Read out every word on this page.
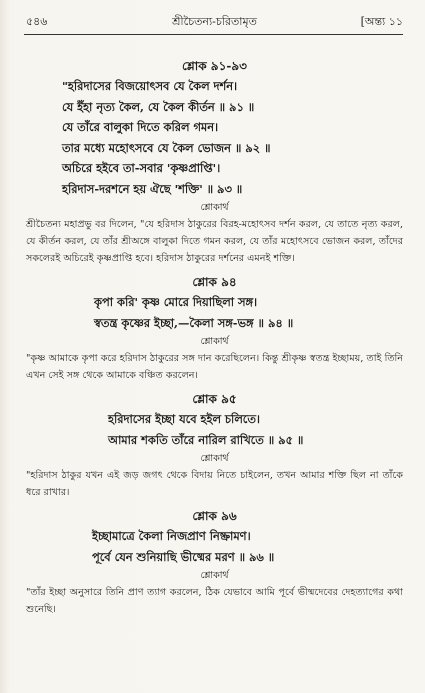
৫৪৬	শ্রীচৈতন্য-চরিতামৃত	[অন্ত্য ১১

শ্লোক ৯১-৯৩

"হরিদাসের বিজয়োৎসব যে কৈল দর্শন।
যে ইঁহা নৃত্য কৈল, যে কৈল কীর্তন ॥ ৯১ ॥
যে তাঁরে বালুকা দিতে করিল গমন।
তার মধ্যে মহোৎসবে যে কৈল ভোজন ॥ ৯২ ॥
অচিরে হইবে তা-সবার 'কৃষ্ণপ্রাপ্তি'।
হরিদাস-দরশনে হয় ঐছে 'শক্তি' ॥ ৯৩ ॥

শ্লোকার্থ

শ্রীচৈতন্য মহাপ্রভু বর দিলেন, "যে হরিদাস ঠাকুরের বিরহ-মহোৎসব দর্শন করল, যে তাতে নৃত্য করল, যে কীর্তন করল, যে তাঁর শ্রীঅঙ্গে বালুকা দিতে গমন করল, যে তাঁর মহোৎসবে ভোজন করল, তাঁদের সকলেরই অচিরেই কৃষ্ণপ্রাপ্তি হবে। হরিদাস ঠাকুরের দর্শনের এমনই শক্তি।

শ্লোক ৯৪

কৃপা করি' কৃষ্ণ মোরে দিয়াছিলা সঙ্গ।
স্বতন্ত্র কৃষ্ণের ইচ্ছা,—কৈলা সঙ্গ-ভঙ্গ ॥ ৯৪ ॥

শ্লোকার্থ

"কৃষ্ণ আমাকে কৃপা করে হরিদাস ঠাকুরের সঙ্গ দান করেছিলেন। কিন্তু শ্রীকৃষ্ণ স্বতন্ত্র ইচ্ছাময়, তাই তিনি এখন সেই সঙ্গ থেকে আমাকে বঞ্চিত করলেন।

শ্লোক ৯৫

হরিদাসের ইচ্ছা যবে হইল চলিতে।
আমার শকতি তাঁরে নারিল রাখিতে ॥ ৯৫ ॥

শ্লোকার্থ

"হরিদাস ঠাকুর যখন এই জড় জগৎ থেকে বিদায় নিতে চাইলেন, তখন আমার শক্তি ছিল না তাঁকে ধরে রাখার।

শ্লোক ৯৬

ইচ্ছামাত্রে কৈলা নিজপ্রাণ নিষ্ক্রামণ।
পূর্বে যেন শুনিয়াছি ভীষ্মের মরণ ॥ ৯৬ ॥

শ্লোকার্থ

"তাঁর ইচ্ছা অনুসারে তিনি প্রাণ ত্যাগ করলেন, ঠিক যেভাবে আমি পূর্বে ভীষ্মদেবের দেহত্যাগের কথা শুনেছি।
